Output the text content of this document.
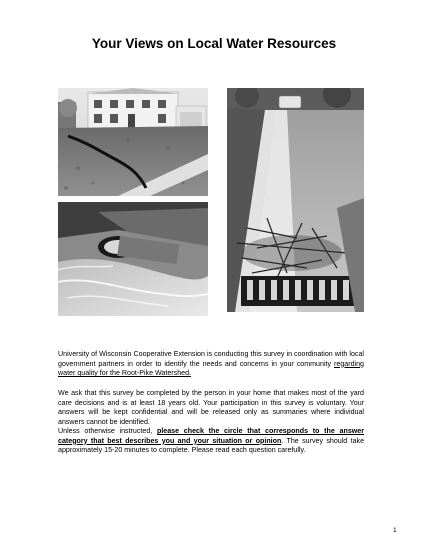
Your Views on Local Water Resources

University of Wisconsin Cooperative Extension is conducting this survey in coordination with local government partners in order to identify the needs and concerns in your community regarding water quality for the Root-Pike Watershed.

We ask that this survey be completed by the person in your home that makes most of the yard care decisions and is at least 18 years old. Your participation in this survey is voluntary. Your answers will be kept confidential and will be released only as summaries where individual answers cannot be identified.

Unless otherwise instructed, please check the circle that corresponds to the answer category that best describes you and your situation or opinion. The survey should take approximately 15-20 minutes to complete. Please read each question carefully.

1
